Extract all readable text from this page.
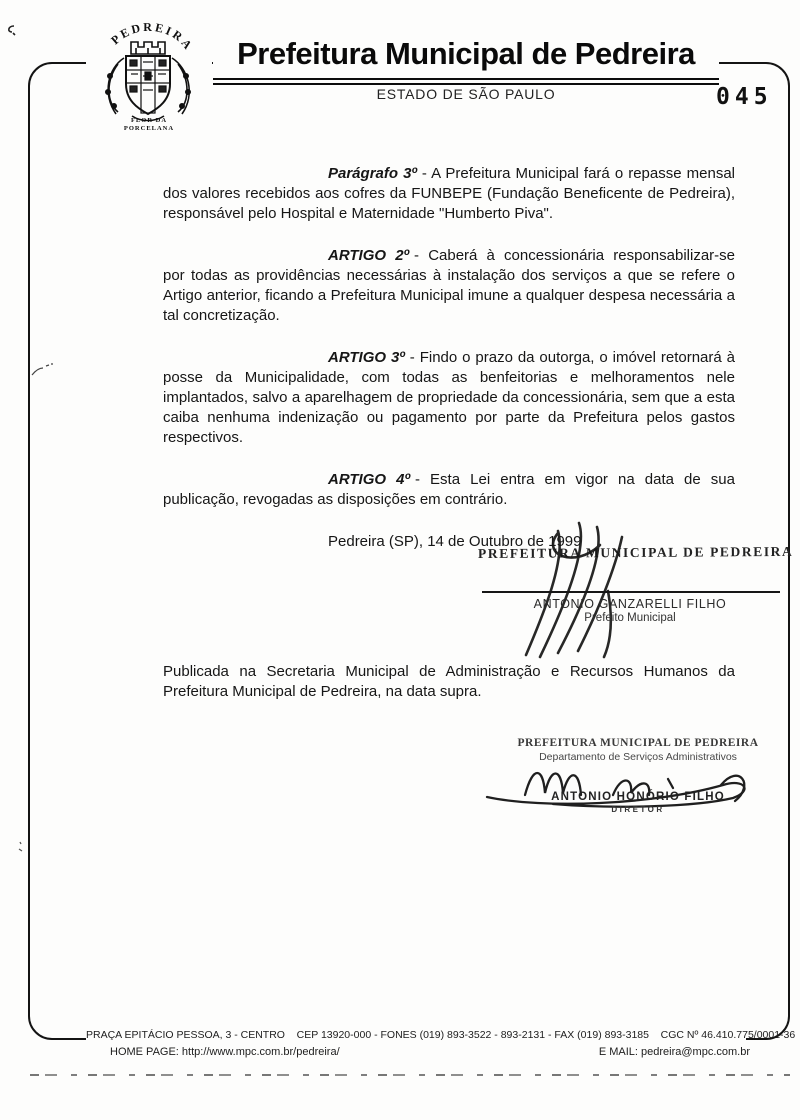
PEDREIRA
FLOR DA
PORCELANA
Prefeitura Municipal de Pedreira
ESTADO DE SÃO PAULO	045

Parágrafo 3º - A Prefeitura Municipal fará o repasse mensal dos valores recebidos aos cofres da FUNBEPE (Fundação Beneficente de Pedreira), responsável pelo Hospital e Maternidade "Humberto Piva".

ARTIGO 2º - Caberá à concessionária responsabilizar-se por todas as providências necessárias à instalação dos serviços a que se refere o Artigo anterior, ficando a Prefeitura Municipal imune a qualquer despesa necessária a tal concretização.

ARTIGO 3º - Findo o prazo da outorga, o imóvel retornará à posse da Municipalidade, com todas as benfeitorias e melhoramentos nele implantados, salvo a aparelhagem de propriedade da concessionária, sem que a esta caiba nenhuma indenização ou pagamento por parte da Prefeitura pelos gastos respectivos.

ARTIGO 4º - Esta Lei entra em vigor na data de sua publicação, revogadas as disposições em contrário.

Pedreira (SP), 14 de Outubro de 1999
PREFEITURA MUNICIPAL DE PEDREIRA
ANTONIO GANZARELLI FILHO
Prefeito Municipal
Publicada na Secretaria Municipal de Administração e Recursos Humanos da Prefeitura Municipal de Pedreira, na data supra.
PREFEITURA MUNICIPAL DE PEDREIRA
Departamento de Serviços Administrativos
ANTONIO HONÓRIO FILHO
DIRETOR
PRAÇA EPITÁCIO PESSOA, 3 - CENTRO    CEP 13920-000 - FONES (019) 893-3522 - 893-2131 - FAX (019) 893-3185    CGC Nº 46.410.775/0001-36
HOME PAGE: http://www.mpc.com.br/pedreira/	E MAIL: pedreira@mpc.com.br
